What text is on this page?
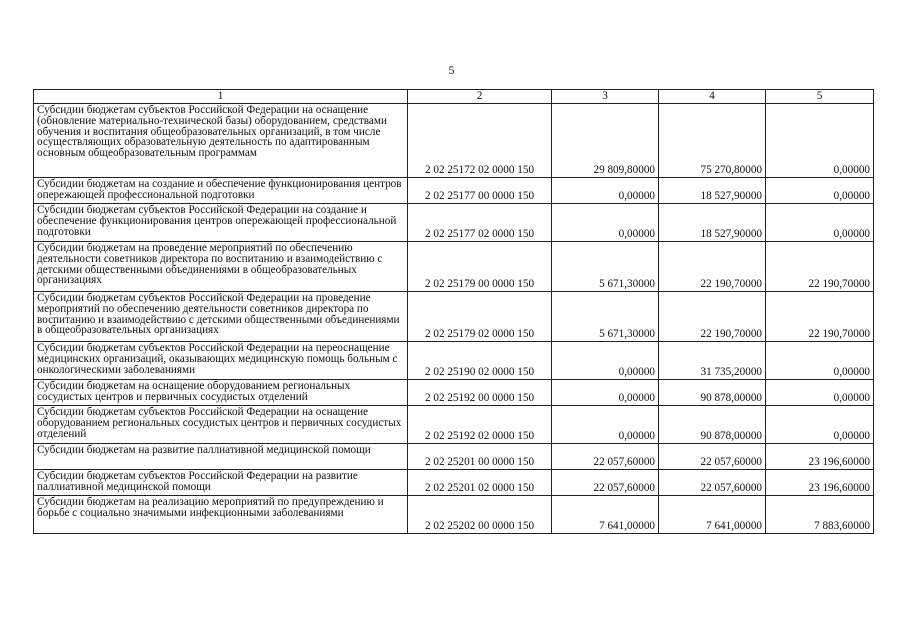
5
1	2	3	4	5
Субсидии бюджетам субъектов Российской Федерации на оснащение (обновление материально-технической базы) оборудованием, средствами обучения и воспитания общеобразовательных организаций, в том числе осуществляющих образовательную деятельность по адаптированным основным общеобразовательным программам	2 02 25172 02 0000 150	29 809,80000	75 270,80000	0,00000
Субсидии бюджетам на создание и обеспечение функционирования центров опережающей профессиональной подготовки	2 02 25177 00 0000 150	0,00000	18 527,90000	0,00000
Субсидии бюджетам субъектов Российской Федерации на создание и обеспечение функционирования центров опережающей профессиональной подготовки	2 02 25177 02 0000 150	0,00000	18 527,90000	0,00000
Субсидии бюджетам на проведение мероприятий по обеспечению деятельности советников директора по воспитанию и взаимодействию с детскими общественными объединениями в общеобразовательных организациях	2 02 25179 00 0000 150	5 671,30000	22 190,70000	22 190,70000
Субсидии бюджетам субъектов Российской Федерации на проведение мероприятий по обеспечению деятельности советников директора по воспитанию и взаимодействию с детскими общественными объединениями в общеобразовательных организациях	2 02 25179 02 0000 150	5 671,30000	22 190,70000	22 190,70000
Субсидии бюджетам субъектов Российской Федерации на переоснащение медицинских организаций, оказывающих медицинскую помощь больным с онкологическими заболеваниями	2 02 25190 02 0000 150	0,00000	31 735,20000	0,00000
Субсидии бюджетам на оснащение оборудованием региональных сосудистых центров и первичных сосудистых отделений	2 02 25192 00 0000 150	0,00000	90 878,00000	0,00000
Субсидии бюджетам субъектов Российской Федерации на оснащение оборудованием региональных сосудистых центров и первичных сосудистых отделений	2 02 25192 02 0000 150	0,00000	90 878,00000	0,00000
Субсидии бюджетам на развитие паллиативной медицинской помощи	2 02 25201 00 0000 150	22 057,60000	22 057,60000	23 196,60000
Субсидии бюджетам субъектов Российской Федерации на развитие паллиативной медицинской помощи	2 02 25201 02 0000 150	22 057,60000	22 057,60000	23 196,60000
Субсидии бюджетам на реализацию мероприятий по предупреждению и борьбе с социально значимыми инфекционными заболеваниями	2 02 25202 00 0000 150	7 641,00000	7 641,00000	7 883,60000
